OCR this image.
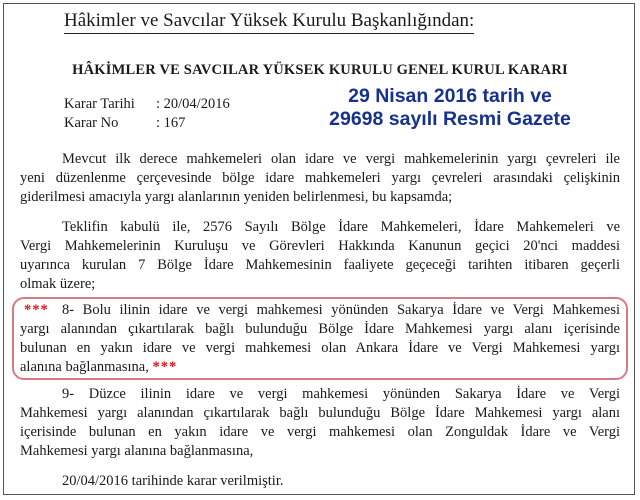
Hâkimler ve Savcılar Yüksek Kurulu Başkanlığından:
HÂKİMLER VE SAVCILAR YÜKSEK KURULU GENEL KURUL KARARI
Karar Tarihi : 20/04/2016
Karar No	: 167
29 Nisan 2016 tarih ve
29698 sayılı Resmi Gazete
Mevcut ilk derece mahkemeleri olan idare ve vergi mahkemelerinin yargı çevreleri ile
yeni düzenlenme çerçevesinde bölge idare mahkemeleri yargı çevreleri arasındaki çelişkinin
giderilmesi amacıyla yargı alanlarının yeniden belirlenmesi, bu kapsamda;
Teklifin kabulü ile, 2576 Sayılı Bölge İdare Mahkemeleri, İdare Mahkemeleri ve
Vergi Mahkemelerinin Kuruluşu ve Görevleri Hakkında Kanunun geçici 20'nci maddesi
uyarınca kurulan 7 Bölge İdare Mahkemesinin faaliyete geçeceği tarihten itibaren geçerli
olmak üzere;
*** 8- Bolu ilinin idare ve vergi mahkemesi yönünden Sakarya İdare ve Vergi Mahkemesi
yargı alanından çıkartılarak bağlı bulunduğu Bölge İdare Mahkemesi yargı alanı içerisinde
bulunan en yakın idare ve vergi mahkemesi olan Ankara İdare ve Vergi Mahkemesi yargı
alanına bağlanmasına, ***
9- Düzce ilinin idare ve vergi mahkemesi yönünden Sakarya İdare ve Vergi
Mahkemesi yargı alanından çıkartılarak bağlı bulunduğu Bölge İdare Mahkemesi yargı alanı
içerisinde bulunan en yakın idare ve vergi mahkemesi olan Zonguldak İdare ve Vergi
Mahkemesi yargı alanına bağlanmasına,
20/04/2016 tarihinde karar verilmiştir.
